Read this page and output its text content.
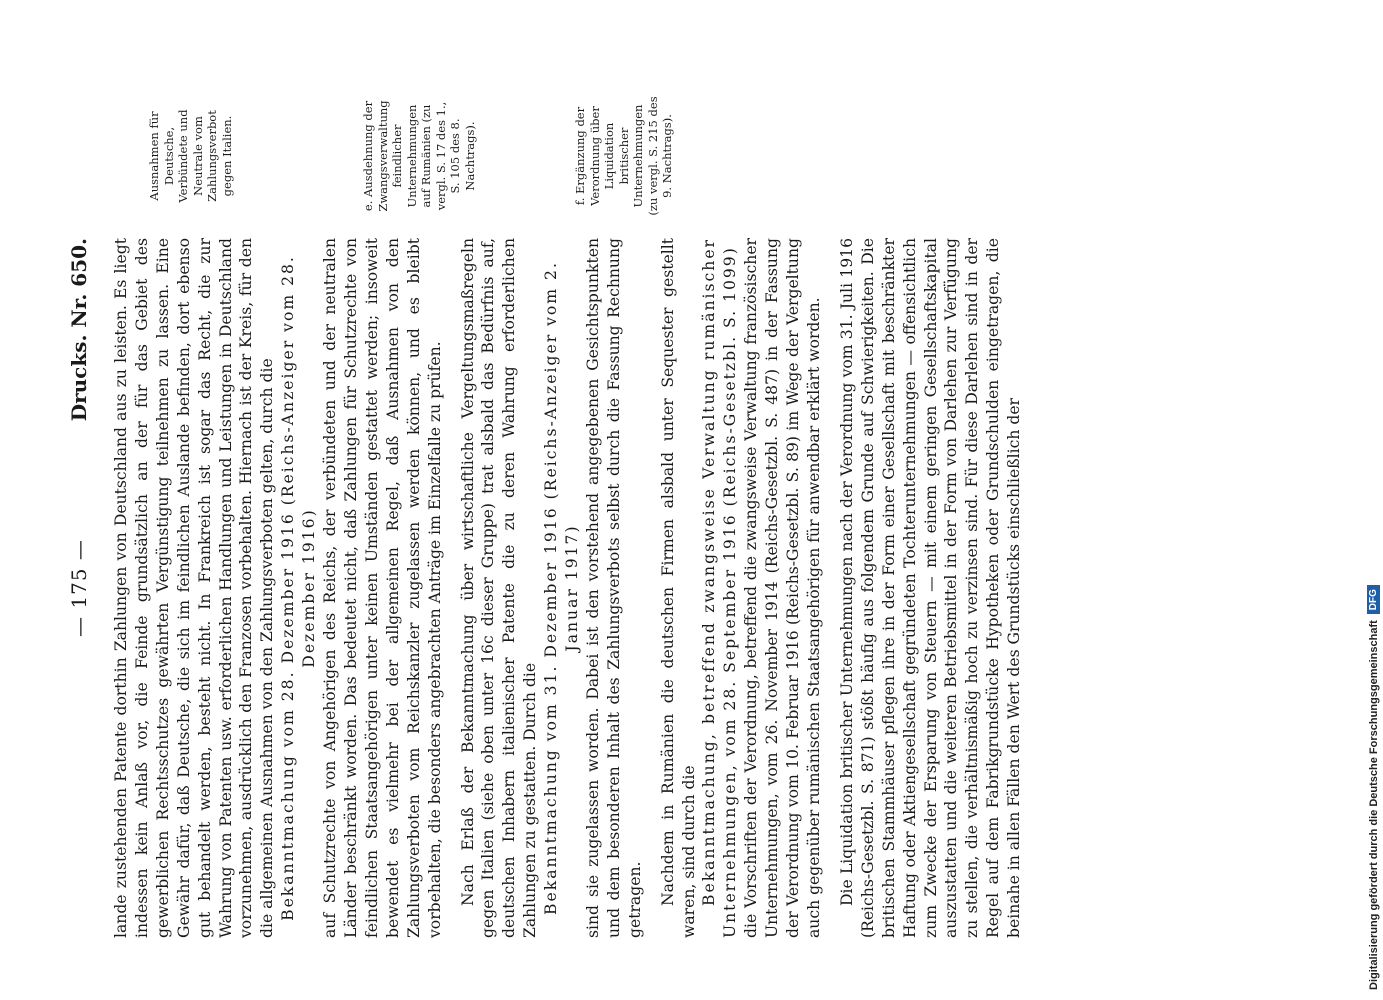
— 175 —
Drucks. Nr. 650. lande zustehenden Patente dorthin Zahlungen von Deutschland aus zu leisten. Es liegt indessen kein Anlaß vor, die Feinde grundsätzlich an der für das Gebiet des gewerblichen Rechtsschutzes gewährten Vergünstigung teilnehmen zu lassen. Eine Gewähr dafür, daß Deutsche, die sich im feindlichen Auslande befinden, dort ebenso gut behandelt werden, besteht nicht. In Frankreich ist sogar das Recht, die zur Wahrung von Patenten usw. erforderlichen Handlungen und Leistungen in Deutschland vorzunehmen, ausdrücklich den Franzosen vorbehalten. Hiernach ist der Kreis, für den die allgemeinen Ausnahmen von den Zahlungsverboten gelten, durch die Bekanntmachung vom 28. Dezember 1916 (Reichs-Anzeiger vom 28. Dezember 1916) auf Schutzrechte von Angehörigen des Reichs, der verbündeten und der neutralen Länder beschränkt worden. Das bedeutet nicht, daß Zahlungen für Schutzrechte von feindlichen Staatsangehörigen unter keinen Umständen gestattet werden; insoweit bewendet es vielmehr bei der allgemeinen Regel, daß Ausnahmen von den Zahlungsverboten vom Reichskanzler zugelassen werden können, und es bleibt vorbehalten, die besonders angebrachten Anträge im Einzelfalle zu prüfen. Nach Erlaß der Bekanntmachung über wirtschaftliche Vergeltungsmaßregeln gegen Italien (siehe oben unter 16c dieser Gruppe) trat alsbald das Bedürfnis auf, deutschen Inhabern italienischer Patente die zu deren Wahrung erforderlichen Zahlungen zu gestatten. Durch die Bekanntmachung vom 31. Dezember 1916 (Reichs-Anzeiger vom 2. Januar 1917) sind sie zugelassen worden. Dabei ist den vorstehend angegebenen Gesichtspunkten und dem besonderen Inhalt des Zahlungsverbots selbst durch die Fassung Rechnung getragen. Nachdem in Rumänien die deutschen Firmen alsbald unter Sequester gestellt waren, sind durch die Bekanntmachung, betreffend zwangsweise Verwaltung rumänischer Unternehmungen, vom 28. September 1916 (Reichs-Gesetzbl. S. 1099) die Vorschriften der Verordnung, betreffend die zwangsweise Verwaltung französischer Unternehmungen, vom 26. November 1914 (Reichs-Gesetzbl. S. 487) in der Fassung der Verordnung vom 10. Februar 1916 (Reichs-Gesetzbl. S. 89) im Wege der Vergeltung auch gegenüber rumänischen Staatsangehörigen für anwendbar erklärt worden. Die Liquidation britischer Unternehmungen nach der Verordnung vom 31. Juli 1916 (Reichs-Gesetzbl. S. 871) stößt häufig aus folgendem Grunde auf Schwierigkeiten. Die britischen Stammhäuser pflegen ihre in der Form einer Gesellschaft mit beschränkter Haftung oder Aktiengesellschaft gegründeten Tochterunternehmungen — offensichtlich zum Zwecke der Ersparung von Steuern — mit einem geringen Gesellschaftskapital auszustatten und die weiteren Betriebsmittel in der Form von Darlehen zur Verfügung zu stellen, die verhältnismäßig hoch zu verzinsen sind. Für diese Darlehen sind in der Regel auf dem Fabrikgrundstücke Hypotheken oder Grundschulden eingetragen, die beinahe in allen Fällen den Wert des Grundstücks einschließlich der

Ausnahmen für Deutsche, Verbündete und Neutrale vom Zahlungsverbot gegen Italien.	e. Ausdehnung der Zwangsverwaltung feindlicher Unternehmungen auf Rumänien (zu vergl. S. 17 des 1., S. 105 des 8. Nachtrags).	f. Ergänzung der Verordnung über Liquidation britischer Unternehmungen (zu vergl. S. 215 des 9. Nachtrags).
Digitalisierung gefördert durch die Deutsche Forschungsgemeinschaft
DFG
